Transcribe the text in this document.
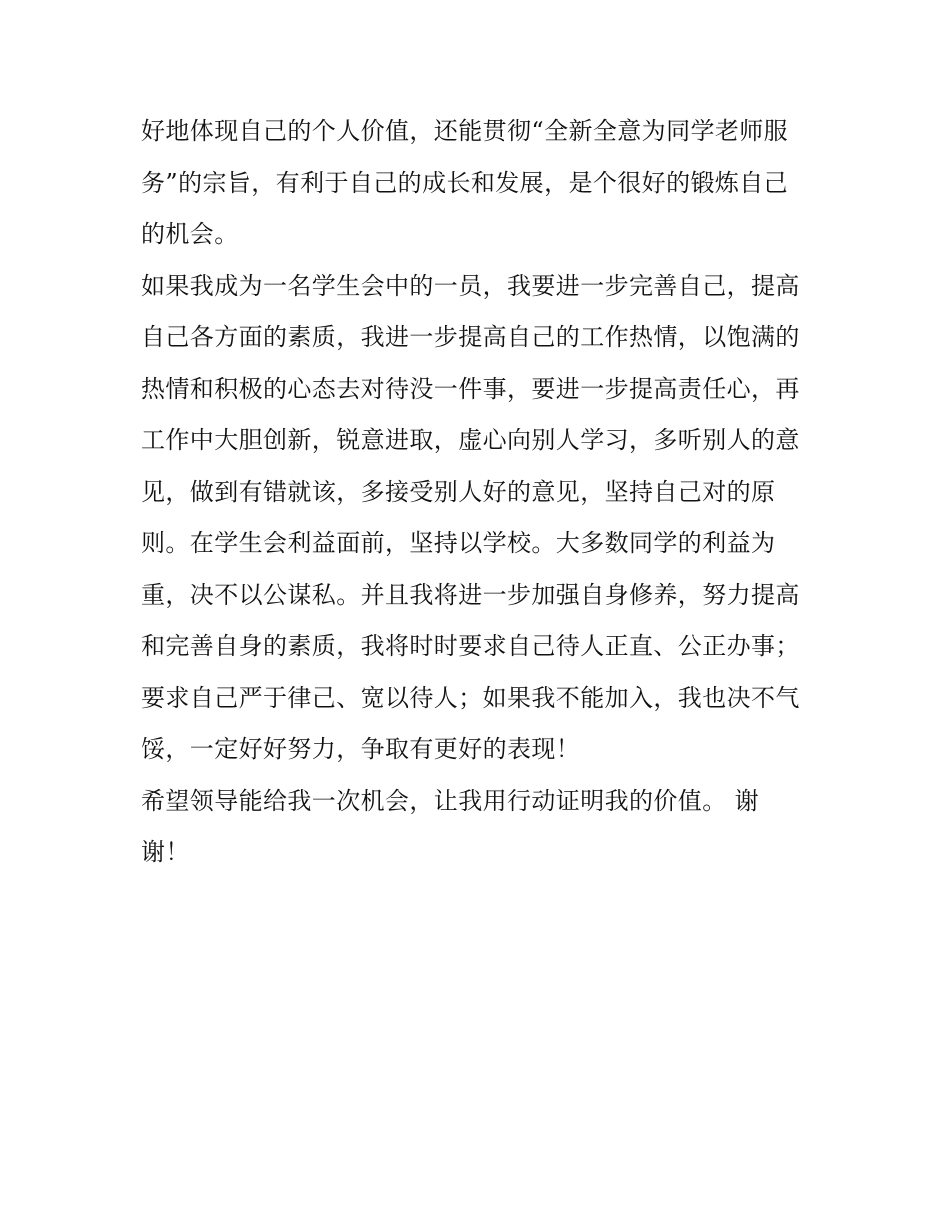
好地体现自己的个人价值，还能贯彻“全新全意为同学老师服
务”的宗旨，有利于自己的成长和发展，是个很好的锻炼自己
的机会。
如果我成为一名学生会中的一员，我要进一步完善自己，提高
自己各方面的素质，我进一步提高自己的工作热情，以饱满的
热情和积极的心态去对待没一件事，要进一步提高责任心，再
工作中大胆创新，锐意进取，虚心向别人学习，多听别人的意
见，做到有错就该，多接受别人好的意见，坚持自己对的原
则。在学生会利益面前，坚持以学校。大多数同学的利益为
重，决不以公谋私。并且我将进一步加强自身修养，努力提高
和完善自身的素质，我将时时要求自己待人正直、公正办事；
要求自己严于律己、宽以待人；如果我不能加入，我也决不气
馁，一定好好努力，争取有更好的表现！
希望领导能给我一次机会，让我用行动证明我的价值。 谢
谢！
